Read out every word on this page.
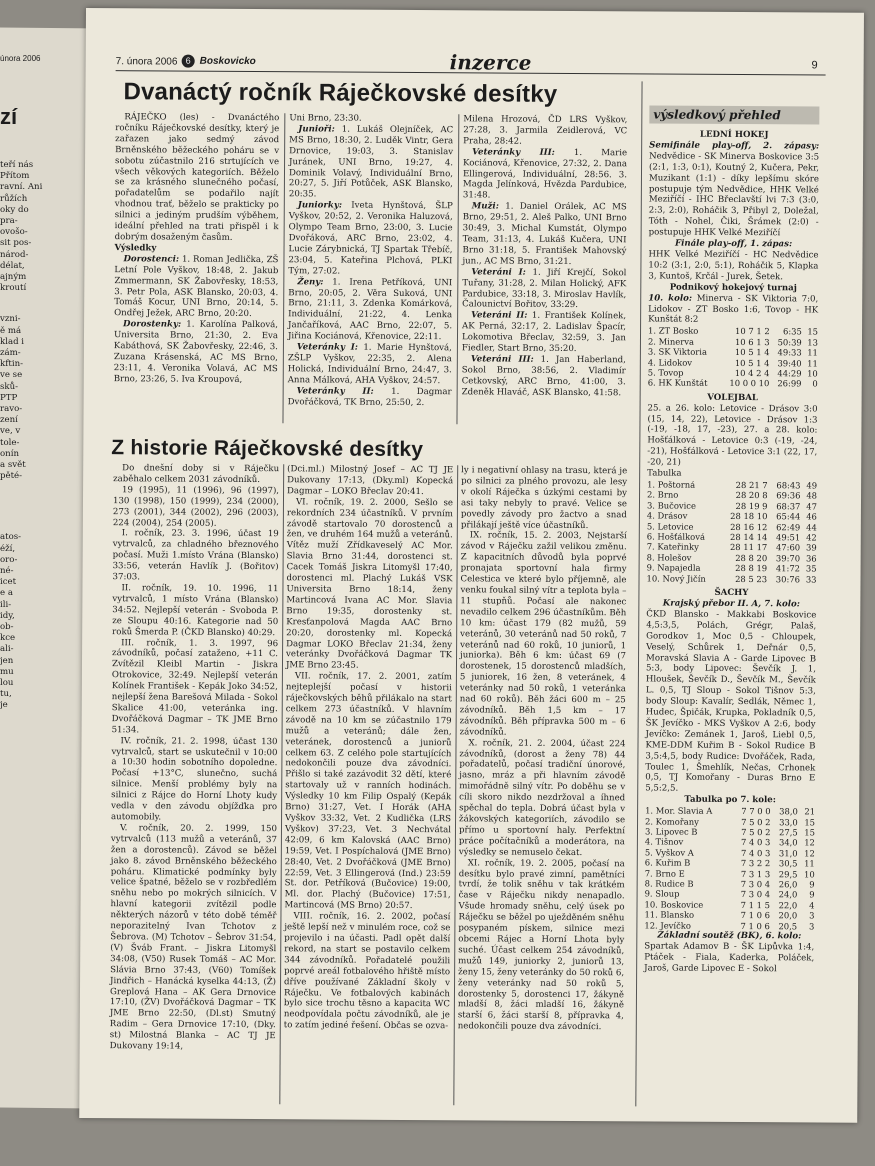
února 2006
zí
teří nás
Přítom
ravní. Ani
růžích
oky do
pra-
ovošo-
sit pos-
národ-
délat,
ajným
kroutí
vzni-
ě má
klad i
zám-
kftin-
ve se
sků-
PTP
ravo-
zení
ve, v
tole-
onín
a svět
pěté-
atos-
éží,
oro-
né-
icet
e a
ili-
idy,
ob-
kce
ali-
jen
mu
lou
tu,
je
7. února 2006 6 Boskovicko	inzerce	9
Dvanáctý ročník Ráječkovské desítky

RÁJEČKO (les) - Dvanáctého ročníku Ráječkovské desítky, který je zařazen jako sedmý závod Brněnského běžeckého poháru se v sobotu zúčastnilo 216 strtujících ve všech věkových kategoriích. Běželo se za krásného slunečného počasí, pořadatelům se podařilo najít vhodnou trať, běželo se prakticky po silnici a jediným prudším výběhem, ideální přehled na trati přispěl i k dobrým dosaženým časům.

Výsledky

Dorostenci: 1. Roman Jedlička, ZŠ Letní Pole Vyškov, 18:48, 2. Jakub Zmmermann, SK Žabovřesky, 18:53, 3. Petr Pola, ASK Blansko, 20:03, 4. Tomáš Kocur, UNI Brno, 20:14, 5. Ondřej Ježek, ARC Brno, 20:20.

Dorostenky: 1. Karolína Palková, Universita Brno, 21:30, 2. Eva Kabáthová, SK Žabovřesky, 22:46, 3. Zuzana Krásenská, AC MS Brno, 23:11, 4. Veronika Volavá, AC MS Brno, 23:26, 5. Iva Kroupová,

Uni Brno, 23:30.

Junioři: 1. Lukáš Olejníček, AC MS Brno, 18:30, 2. Luděk Vintr, Gera Drnovice, 19:03, 3. Stanislav Juránek, UNI Brno, 19:27, 4. Dominik Volavý, Individuální Brno, 20:27, 5. Jiří Potůček, ASK Blansko, 20:35.

Juniorky: Iveta Hynštová, ŠLP Vyškov, 20:52, 2. Veronika Haluzová, Olympo Team Brno, 23:00, 3. Lucie Dvořáková, ARC Brno, 23:02, 4. Lucie Zárybnická, TJ Spartak Třebíč, 23:04, 5. Kateřina Plchová, PLKI Tým, 27:02.

Ženy: 1. Irena Petříková, UNI Brno, 20:05, 2. Věra Suková, UNI Brno, 21:11, 3. Zdenka Komárková, Individuální, 21:22, 4. Lenka Jančaříková, AAC Brno, 22:07, 5. Jiřina Kociánová, Křenovice, 22:11.

Veteránky I: 1. Marie Hynštová, ZŠLP Vyškov, 22:35, 2. Alena Holická, Individuální Brno, 24:47, 3. Anna Málková, AHA Vyškov, 24:57.

Veteránky II: 1. Dagmar Dvořáčková, TK Brno, 25:50, 2.

Milena Hrozová, ČD LRS Vyškov, 27:28, 3. Jarmila Zeidlerová, VC Praha, 28:42.

Veteránky III: 1. Marie Kociánová, Křenovice, 27:32, 2. Dana Ellingerová, Individuální, 28:56. 3. Magda Jelínková, Hvězda Pardubice, 31:48.

Muži: 1. Daniel Orálek, AC MS Brno, 29:51, 2. Aleš Palko, UNI Brno 30:49, 3. Michal Kumstát, Olympo Team, 31:13, 4. Lukáš Kučera, UNI Brno 31:18, 5. František Mahovský jun., AC MS Brno, 31:21.

Veteráni I: 1. Jiří Krejčí, Sokol Tuřany, 31:28, 2. Milan Holický, AFK Pardubice, 33:18, 3. Miroslav Havlík, Čalounictví Bořitov, 33:29.

Veteráni II: 1. František Kolínek, AK Perná, 32:17, 2. Ladislav Špacír, Lokomotiva Břeclav, 32:59, 3. Jan Fiedler, Start Brno, 35:20.

Veteráni III: 1. Jan Haberland, Sokol Brno, 38:56, 2. Vladimír Cetkovský, ARC Brno, 41:00, 3. Zdeněk Hlaváč, ASK Blansko, 41:58.

Z historie Ráječkovské desítky

Do dnešní doby si v Ráječku zaběhalo celkem 2031 závodníků.

19 (1995), 11 (1996), 96 (1997), 130 (1998), 150 (1999), 234 (2000), 273 (2001), 344 (2002), 296 (2003), 224 (2004), 254 (2005).

I. ročník, 23. 3. 1996, účast 19 vytrvalců, za chladného březnového počasí. Muži 1.místo Vrána (Blansko) 33:56, veterán Havlík J. (Bořitov) 37:03.

II. ročník, 19. 10. 1996, 11 vytrvalců, 1 místo Vrána (Blansko) 34:52. Nejlepší veterán - Svoboda P. ze Sloupu 40:16. Kategorie nad 50 roků Šmerda P. (ČKD Blansko) 40:29.

III. ročník, 1. 3. 1997, 96 závodníků, počasí zataženo, +11 C. Zvítězil Kleibl Martin - Jiskra Otrokovice, 32:49. Nejlepší veterán Kolínek František - Kepák Joko 34:52, nejlepší žena Barešová Milada - Sokol Skalice 41:00, veteránka ing. Dvořáčková Dagmar – TK JME Brno 51:34.

IV. ročník, 21. 2. 1998, účast 130 vytrvalců, start se uskutečnil v 10:00 a 10:30 hodin sobotního dopoledne. Počasí +13°C, slunečno, suchá silnice. Menší problémy byly na silnici z Rájce do Horní Lhoty kudy vedla v den závodu objížďka pro automobily.

V. ročník, 20. 2. 1999, 150 vytrvalců (113 mužů a veteránů, 37 žen a dorostenců). Závod se běžel jako 8. závod Brněnského běžeckého poháru. Klimatické podmínky byly velice špatné, běželo se v rozbředlém sněhu nebo po mokrých silnicích. V hlavní kategorii zvítězil podle některých názorů v této době téměř neporazitelný Ivan Tchotov z Šebrova. (M) Tchotov – Šebrov 31:54, (V) Šváb Frant. – Jiskra Litomyšl 34:08, (V50) Rusek Tomáš – AC Mor. Slávia Brno 37:43, (V60) Tomíšek Jindřich – Hanácká kyselka 44:13, (Ž) Greplová Hana – AK Gera Drnovice 17:10, (ŽV) Dvořáčková Dagmar – TK JME Brno 22:50, (Dl.st) Smutný Radim – Gera Drnovice 17:10, (Dky. st) Milostná Blanka – AC TJ JE Dukovany 19:14,

(Dci.ml.) Milostný Josef – AC TJ JE Dukovany 17:13, (Dky.ml) Kopecká Dagmar – LOKO Břeclav 20:41.

VI. ročník, 19. 2. 2000, Sešlo se rekordních 234 účastníků. V prvním závodě startovalo 70 dorostenců a žen, ve druhém 164 mužů a veteránů. Vítěz muží Zřídkaveselý AC Mor. Slavia Brno 31:44, dorostenci st. Cacek Tomáš Jiskra Litomyšl 17:40, dorostenci ml. Plachý Lukáš VSK Universita Brno 18:14, ženy Martincová Ivana AC Mor. Slavia Brno 19:35, dorostenky st. Kresťanpolová Magda AAC Brno 20:20, dorostenky ml. Kopecká Dagmar LOKO Břeclav 21:34, ženy veteránky Dvořáčková Dagmar TK JME Brno 23:45.

VII. ročník, 17. 2. 2001, zatím nejteplejší počasí v historii ráječkovských běhů přilákalo na start celkem 273 účastníků. V hlavním závodě na 10 km se zúčastnilo 179 mužů a veteránů; dále žen, veteránek, dorostenců a juniorů celkem 63. Z celého pole startujících nedokončili pouze dva závodníci. Přišlo si také zazávodit 32 dětí, které startovaly už v ranních hodinách. Výsledky 10 km Filip Ospalý (Kepák Brno) 31:27, Vet. I Horák (AHA Vyškov 33:32, Vet. 2 Kudlička (LRS Vyškov) 37:23, Vet. 3 Nechvátal 42:09, 6 km Kalovská (AAC Brno) 19:59, Vet. I Pospíchalová (JME Brno) 28:40, Vet. 2 Dvořáčková (JME Brno) 22:59, Vet. 3 Ellingerová (Ind.) 23:59 St. dor. Petříková (Bučovice) 19:00, Ml. dor. Plachý (Bučovice) 17:51, Martincová (MS Brno) 20:57.

VIII. ročník, 16. 2. 2002, počasí ještě lepší než v minulém roce, což se projevilo i na účasti. Padl opět další rekord, na start se postavilo celkem 344 závodníků. Pořadatelé použili poprvé areál fotbalového hřiště místo dříve používané Základní školy v Ráječku. Ve fotbalových kabinách bylo sice trochu těsno a kapacita WC neodpovídala počtu závodníků, ale je to zatím jediné řešení. Občas se ozva-

ly i negativní ohlasy na trasu, která je po silnici za plného provozu, ale lesy v okolí Ráječka s úzkými cestami by asi taky nebyly to pravé. Velice se povedly závody pro žactvo a snad přilákají ještě více účastníků.

IX. ročník, 15. 2. 2003, Nejstarší závod v Ráječku zažil velikou změnu. Z kapacitních důvodů byla poprvé pronajata sportovní hala firmy Celestica ve které bylo příjemně, ale venku foukal silný vítr a teplota byla –11 stupňů. Počasí ale nakonec nevadilo celkem 296 účastníkům. Běh 10 km: účast 179 (82 mužů, 59 veteránů, 30 veteránů nad 50 roků, 7 veteránů nad 60 roků, 10 juniorů, 1 juniorka). Běh 6 km: účast 69 (7 dorostenek, 15 dorostenců mladších, 5 juniorek, 16 žen, 8 veteránek, 4 veteránky nad 50 roků, 1 veteránka nad 60 roků). Běh žáci 600 m – 25 závodníků. Běh 1,5 km – 17 závodníků. Běh přípravka 500 m – 6 závodníků.

X. ročník, 21. 2. 2004, účast 224 závodníků, (dorost a ženy 78) 44 pořadatelů, počasí tradiční únorové, jasno, mráz a při hlavním závodě mimořádně silný vítr. Po doběhu se v cíli skoro nikdo nezdržoval a íhned spěchal do tepla. Dobrá účast byla v žákovských kategoriích, závodilo se přímo u sportovní haly. Perfektní práce počítačníků a moderátora, na výsledky se nemuselo čekat.

XI. ročník, 19. 2. 2005, počasí na desítku bylo pravé zimní, pamětníci tvrdí, že tolik sněhu v tak krátkém čase v Ráječku nikdy nenapadlo. Všude hromady sněhu, celý úsek po Ráječku se běžel po uježděném sněhu posypaném pískem, silnice mezi obcemi Rájec a Horní Lhota byly suché. Účast celkem 254 závodníků, mužů 149, juniorky 2, juniorů 13, ženy 15, ženy veteránky do 50 roků 6, ženy veteránky nad 50 roků 5, dorostenky 5, dorostenci 17, žákyně mladší 8, žáci mladší 16, žákyně starší 6, žáci starší 8, přípravka 4, nedokončili pouze dva závodníci.

výsledkový přehled
LEDNÍ HOKEJ

Semifinále play-off, 2. zápasy: Nedvědice - SK Minerva Boskovice 3:5 (2:1, 1:3, 0:1), Koutný 2, Kučera, Pekr, Muzikant (1:1) - díky lepšímu skóre postupuje tým Nedvědice, HHK Velké Meziříčí - IHC Břeclavští lvi 7:3 (3:0, 2:3, 2:0), Roháčik 3, Přibyl 2, Doležal, Tóth - Nohel, Čiki, Šrámek (2:0) - postupuje HHK Velké Meziříčí

Finále play-off, 1. zápas:

HHK Velké Meziříčí - HC Nedvědice 10:2 (3:1, 2:0, 5:1), Roháčik 5, Klapka 3, Kuntoš, Krčál - Jurek, Šetek.

Podnikový hokejový turnaj

10. kolo: Minerva - SK Viktoria 7:0, Lidokov - ZT Bosko 1:6, Tovop - HK Kunštát 8:2

1. ZT Bosko	10 7 1 2	6:35	15
2. Minerva	10 6 1 3	50:39	13
3. SK Viktoria	10 5 1 4	49:33	11
4. Lidokov	10 5 1 4	39:40	11
5. Tovop	10 4 2 4	44:29	10
6. HK Kunštát	10 0 0 10	26:99	0
VOLEJBAL

25. a 26. kolo: Letovice - Drásov 3:0 (15, 14, 22), Letovice - Drásov 1:3 (-19, -18, 17, -23), 27. a 28. kolo: Hošťálková - Letovice 0:3 (-19, -24, -21), Hošťálková - Letovice 3:1 (22, 17, -20, 21)

Tabulka
1. Poštorná	28 21 7	68:43	49
2. Brno	28 20 8	69:36	48
3. Bučovice	28 19 9	68:37	47
4. Drásov	28 18 10	65:44	46
5. Letovice	28 16 12	62:49	44
6. Hošťálková	28 14 14	49:51	42
7. Kateřinky	28 11 17	47:60	39
8. Holešov	28 8 20	39:70	36
9. Napajedla	28 8 19	41:72	35
10. Nový Jičín	28 5 23	30:76	33
ŠACHY
Krajský přebor II. A, 7. kolo:

ČKD Blansko - Makkabi Boskovice 4,5:3,5, Polách, Grégr, Palaš, Gorodkov 1, Moc 0,5 - Chloupek, Veselý, Schůrek 1, Deřnár 0,5, Moravská Slavia A - Garde Lipovec B 5:3, body Lipovec: Ševčík J. 1, Hloušek, Ševčík D., Ševčík M., Ševčík L. 0,5, TJ Sloup - Sokol Tišnov 5:3, body Sloup: Kavalír, Sedlák, Němec 1, Hudec, Špičák, Krupka, Pokladník 0,5, ŠK Jevíčko - MKS Vyškov A 2:6, body Jevíčko: Zemánek 1, Jaroš, Liebl 0,5, KME-DDM Kuřim B - Sokol Rudice B 3,5:4,5, body Rudice: Dvořáček, Rada, Toulec 1, Šmehlík, Nečas, Crhonek 0,5, TJ Komořany - Duras Brno E 5,5:2,5.

Tabulka po 7. kole:
1. Mor. Slavia A	7 7 0 0	38,0	21
2. Komořany	7 5 0 2	33,0	15
3. Lipovec B	7 5 0 2	27,5	15
4. Tišnov	7 4 0 3	34,0	12
5. Vyškov A	7 4 0 3	31,0	12
6. Kuřim B	7 3 2 2	30,5	11
7. Brno E	7 3 1 3	29,5	10
8. Rudice B	7 3 0 4	26,0	9
9. Sloup	7 3 0 4	24,0	9
10. Boskovice	7 1 1 5	22,0	4
11. Blansko	7 1 0 6	20,0	3
12. Jevíčko	7 1 0 6	20,5	3
Základní soutěž (BK), 6. kolo:

Spartak Adamov B - ŠK Lipůvka 1:4, Ptáček - Fiala, Kaderka, Poláček, Jaroš, Garde Lipovec E - Sokol
